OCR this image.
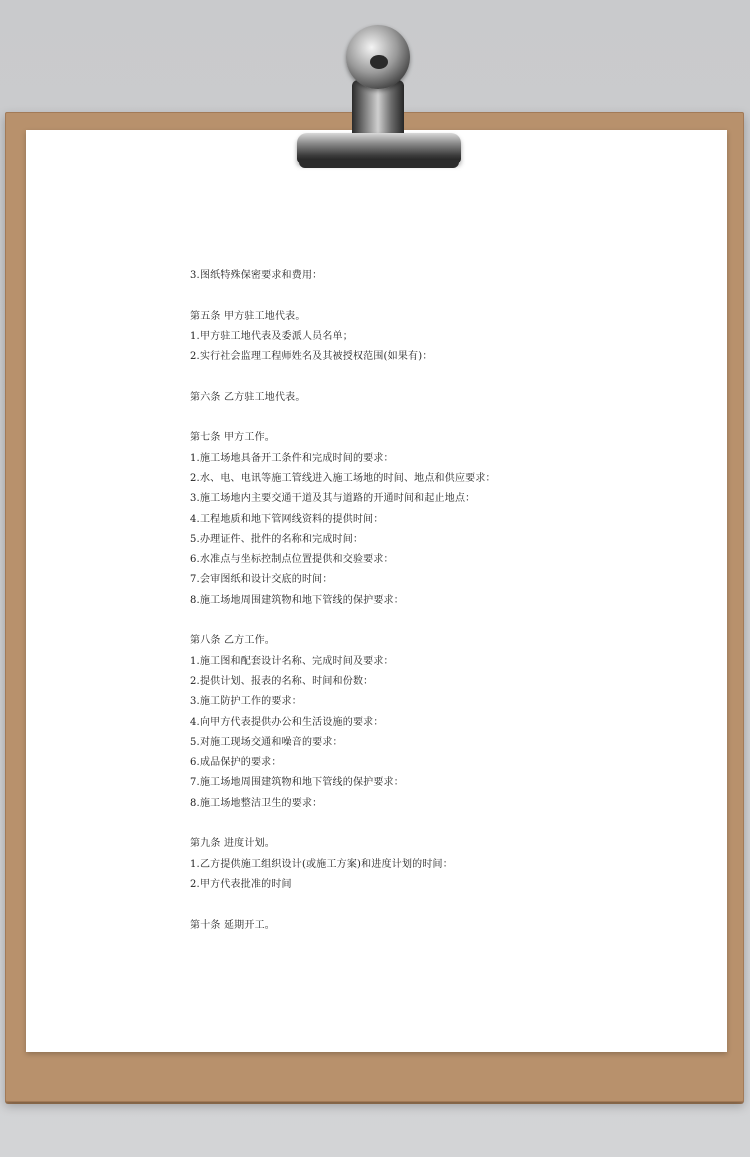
3.图纸特殊保密要求和费用：
第五条 甲方驻工地代表。
1.甲方驻工地代表及委派人员名单；
2.实行社会监理工程师姓名及其被授权范围(如果有)：
第六条 乙方驻工地代表。
第七条 甲方工作。
1.施工场地具备开工条件和完成时间的要求：
2.水、电、电讯等施工管线进入施工场地的时间、地点和供应要求：
3.施工场地内主要交通干道及其与道路的开通时间和起止地点：
4.工程地质和地下管网线资料的提供时间：
5.办理证件、批件的名称和完成时间：
6.水准点与坐标控制点位置提供和交验要求：
7.会审图纸和设计交底的时间：
8.施工场地周围建筑物和地下管线的保护要求：
第八条 乙方工作。
1.施工图和配套设计名称、完成时间及要求：
2.提供计划、报表的名称、时间和份数：
3.施工防护工作的要求：
4.向甲方代表提供办公和生活设施的要求：
5.对施工现场交通和噪音的要求：
6.成品保护的要求：
7.施工场地周围建筑物和地下管线的保护要求：
8.施工场地整洁卫生的要求：
第九条 进度计划。
1.乙方提供施工组织设计(或施工方案)和进度计划的时间：
2.甲方代表批准的时间
第十条 延期开工。
